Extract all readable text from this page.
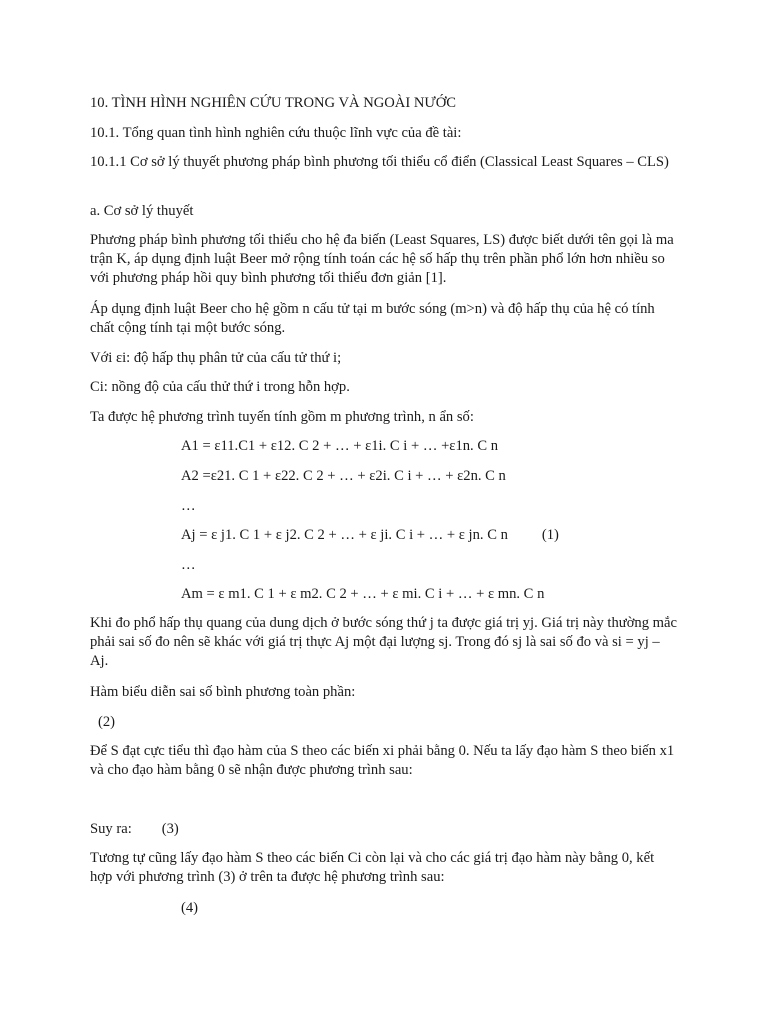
10. TÌNH HÌNH NGHIÊN CỨU TRONG VÀ NGOÀI NƯỚC

10.1. Tổng quan tình hình nghiên cứu thuộc lĩnh vực của đề tài:

10.1.1 Cơ sở lý thuyết phương pháp bình phương tối thiểu cổ điển (Classical Least Squares – CLS)

a. Cơ sở lý thuyết

Phương pháp bình phương tối thiểu cho hệ đa biến (Least Squares, LS) được biết dưới tên gọi là ma trận K, áp dụng định luật Beer mở rộng tính toán các hệ số hấp thụ trên phần phổ lớn hơn nhiều so với phương pháp hồi quy bình phương tối thiểu đơn giản [1].

Áp dụng định luật Beer cho hệ gồm n cấu tử tại m bước sóng (m>n) và độ hấp thụ của hệ có tính chất cộng tính tại một bước sóng.

Với εi: độ hấp thụ phân tử của cấu tử thứ i;

Ci: nồng độ của cấu thử thứ i trong hỗn hợp.

Ta được hệ phương trình tuyến tính gồm m phương trình, n ẩn số:

A1 = ε11.C1 + ε12. C 2 + … + ε1i. C i + … +ε1n. C n

A2 =ε21. C 1 + ε22. C 2 + … + ε2i. C i + … + ε2n. C n

…

Aj = ε j1. C 1 + ε j2. C 2 + … + ε ji. C i + … + ε jn. C n (1)

…

Am = ε m1. C 1 + ε m2. C 2 + … + ε mi. C i + … + ε mn. C n

Khi đo phổ hấp thụ quang của dung dịch ở bước sóng thứ j ta được giá trị yj. Giá trị này thường mắc phải sai số đo nên sẽ khác với giá trị thực Aj một đại lượng sj. Trong đó sj là sai số đo và si = yj – Aj.

Hàm biểu diễn sai số bình phương toàn phần:

(2)

Để S đạt cực tiểu thì đạo hàm của S theo các biến xi phải bằng 0. Nếu ta lấy đạo hàm S theo biến x1 và cho đạo hàm bằng 0 sẽ nhận được phương trình sau:

Suy ra: (3)

Tương tự cũng lấy đạo hàm S theo các biến Ci còn lại và cho các giá trị đạo hàm này bằng 0, kết hợp với phương trình (3) ở trên ta được hệ phương trình sau:

(4)
